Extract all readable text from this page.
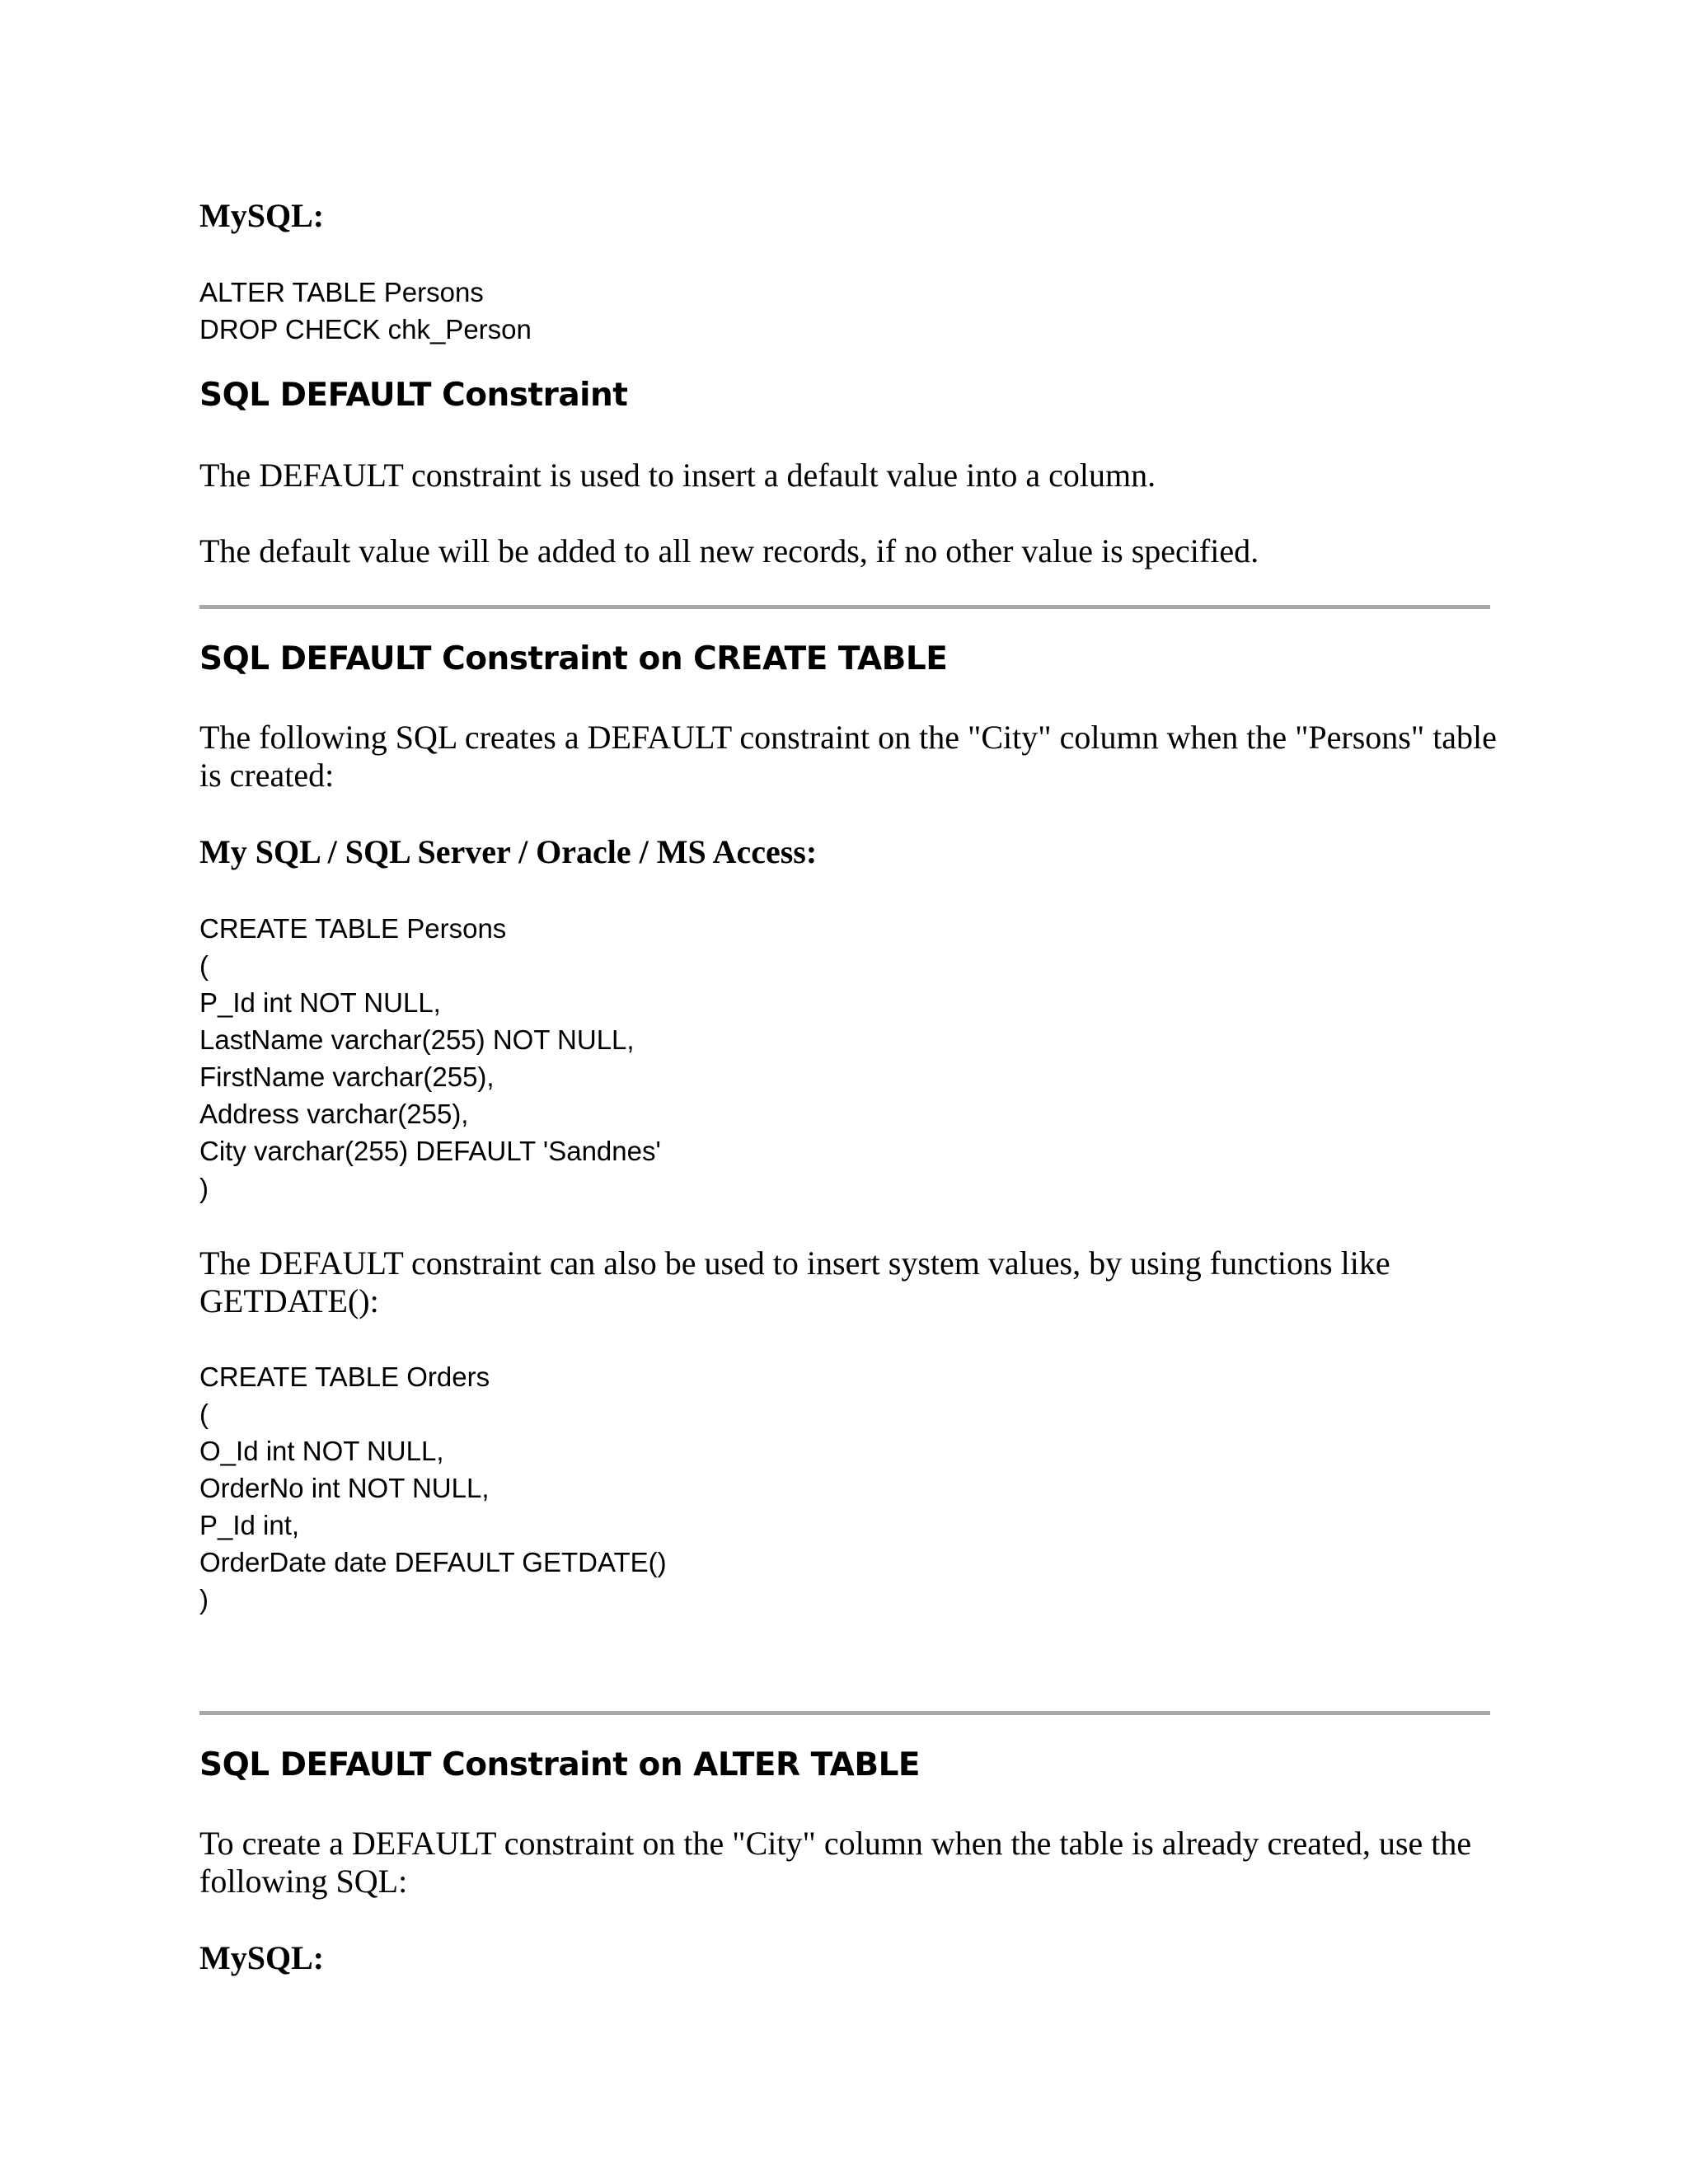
MySQL:

ALTER TABLE Persons
DROP CHECK chk_Person
SQL DEFAULT Constraint

The DEFAULT constraint is used to insert a default value into a column.

The default value will be added to all new records, if no other value is specified.

SQL DEFAULT Constraint on CREATE TABLE

The following SQL creates a DEFAULT constraint on the "City" column when the "Persons" table is created:

My SQL / SQL Server / Oracle / MS Access:

CREATE TABLE Persons
(
P_Id int NOT NULL,
LastName varchar(255) NOT NULL,
FirstName varchar(255),
Address varchar(255),
City varchar(255) DEFAULT 'Sandnes'
)

The DEFAULT constraint can also be used to insert system values, by using functions like GETDATE():

CREATE TABLE Orders
(
O_Id int NOT NULL,
OrderNo int NOT NULL,
P_Id int,
OrderDate date DEFAULT GETDATE()
)
SQL DEFAULT Constraint on ALTER TABLE

To create a DEFAULT constraint on the "City" column when the table is already created, use the following SQL:

MySQL:
